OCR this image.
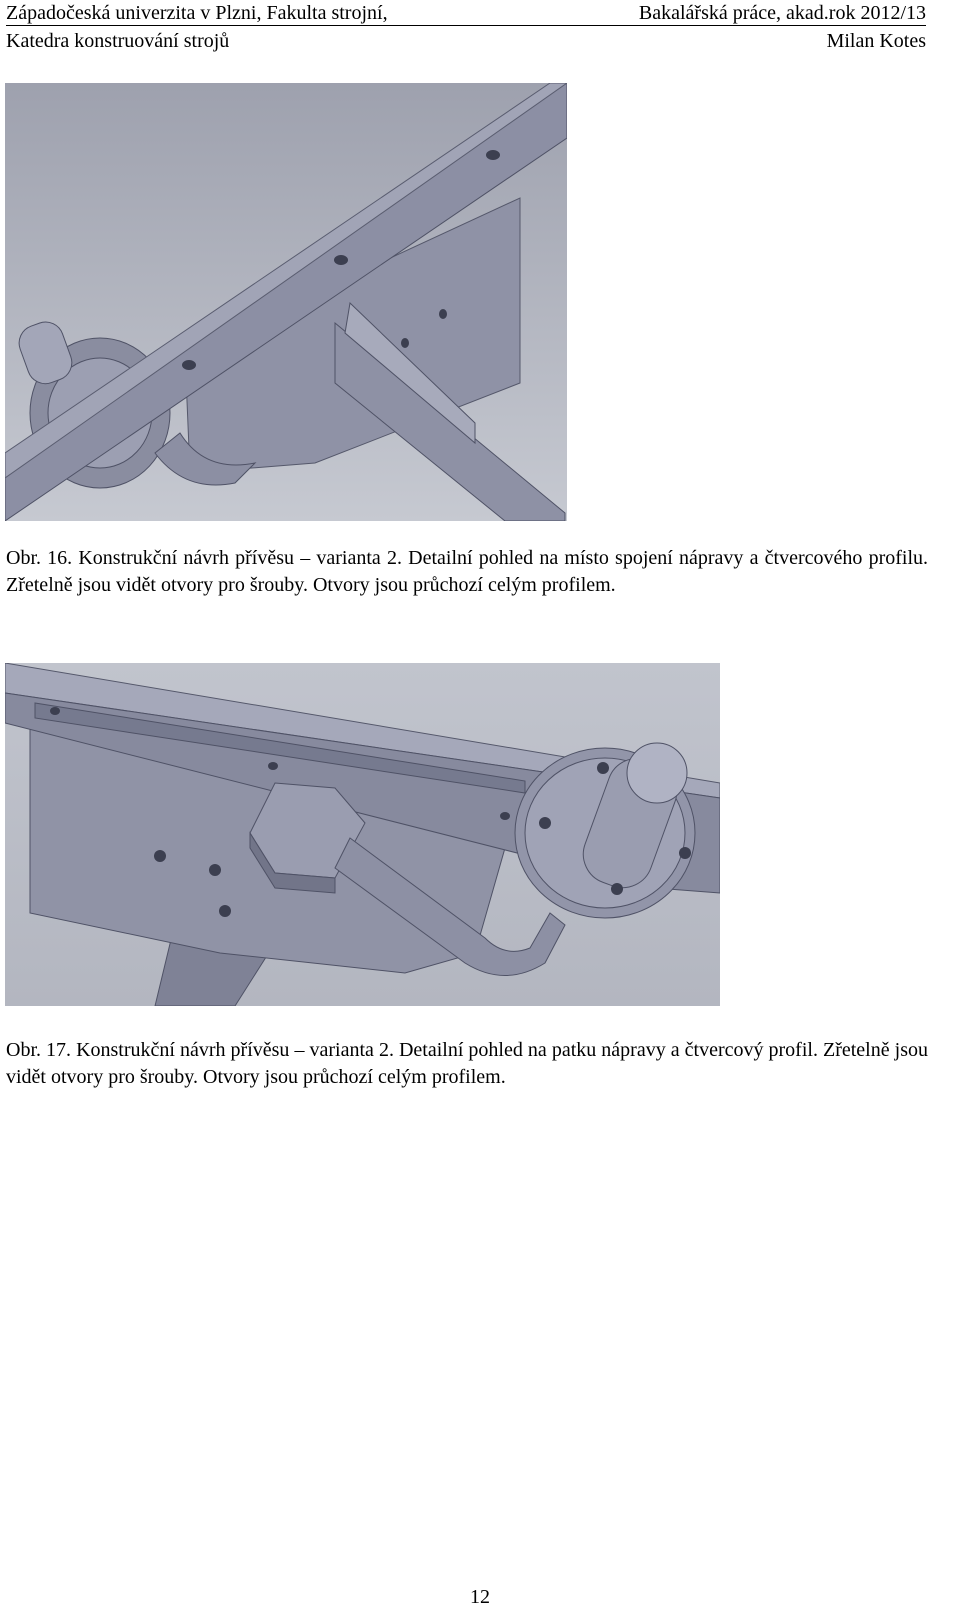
Západočeská univerzita v Plzni, Fakulta strojní,	Bakalářská práce, akad.rok 2012/13
Katedra konstruování strojů	Milan Kotes
Obr. 16. Konstrukční návrh přívěsu – varianta 2. Detailní pohled na místo spojení nápravy a čtvercového profilu. Zřetelně jsou vidět otvory pro šrouby. Otvory jsou průchozí celým profilem.
Obr. 17. Konstrukční návrh přívěsu – varianta 2. Detailní pohled na patku nápravy a čtvercový profil. Zřetelně jsou vidět otvory pro šrouby. Otvory jsou průchozí celým profilem.
12
